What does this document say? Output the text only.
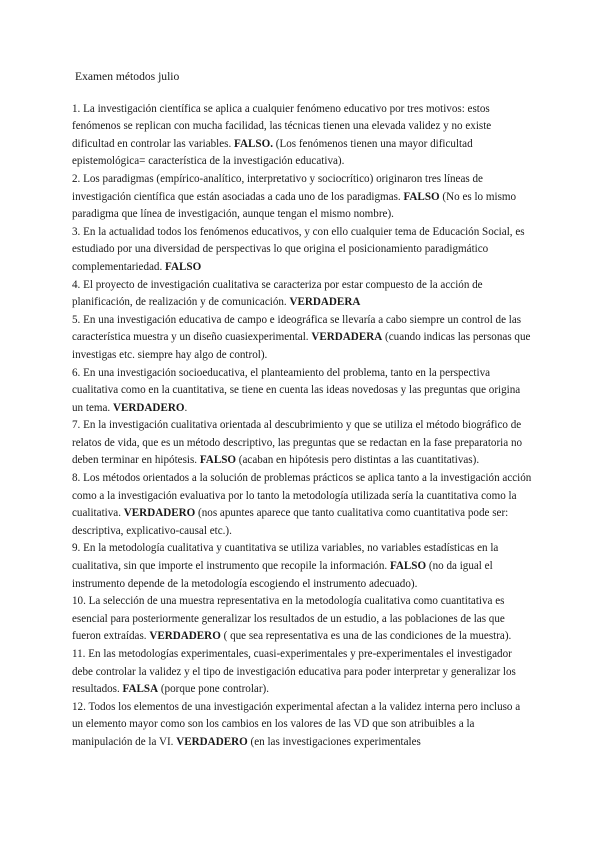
Examen métodos julio

1. La investigación científica se aplica a cualquier fenómeno educativo por tres motivos: estos fenómenos se replican con mucha facilidad, las técnicas tienen una elevada validez y no existe dificultad en controlar las variables. FALSO. (Los fenómenos tienen una mayor dificultad epistemológica= característica de la investigación educativa).

2. Los paradigmas (empírico-analítico, interpretativo y sociocrítico) originaron tres líneas de investigación científica que están asociadas a cada uno de los paradigmas. FALSO (No es lo mismo paradigma que línea de investigación, aunque tengan el mismo nombre).

3. En la actualidad todos los fenómenos educativos, y con ello cualquier tema de Educación Social, es estudiado por una diversidad de perspectivas lo que origina el posicionamiento paradigmático complementariedad. FALSO

4. El proyecto de investigación cualitativa se caracteriza por estar compuesto de la acción de planificación, de realización y de comunicación. VERDADERA

5. En una investigación educativa de campo e ideográfica se llevaría a cabo siempre un control de las característica muestra y un diseño cuasiexperimental. VERDADERA (cuando indicas las personas que investigas etc. siempre hay algo de control).

6. En una investigación socioeducativa, el planteamiento del problema, tanto en la perspectiva cualitativa como en la cuantitativa, se tiene en cuenta las ideas novedosas y las preguntas que origina un tema. VERDADERO.

7. En la investigación cualitativa orientada al descubrimiento y que se utiliza el método biográfico de relatos de vida, que es un método descriptivo, las preguntas que se redactan en la fase preparatoria no deben terminar en hipótesis. FALSO (acaban en hipótesis pero distintas a las cuantitativas).

8. Los métodos orientados a la solución de problemas prácticos se aplica tanto a la investigación acción como a la investigación evaluativa por lo tanto la metodología utilizada sería la cuantitativa como la cualitativa. VERDADERO (nos apuntes aparece que tanto cualitativa como cuantitativa pode ser: descriptiva, explicativo-causal etc.).

9. En la metodología cualitativa y cuantitativa se utiliza variables, no variables estadísticas en la cualitativa, sin que importe el instrumento que recopile la información. FALSO (no da igual el instrumento depende de la metodología escogiendo el instrumento adecuado).

10. La selección de una muestra representativa en la metodología cualitativa como cuantitativa es esencial para posteriormente generalizar los resultados de un estudio, a las poblaciones de las que fueron extraídas. VERDADERO ( que sea representativa es una de las condiciones de la muestra).

11. En las metodologías experimentales, cuasi-experimentales y pre-experimentales el investigador debe controlar la validez y el tipo de investigación educativa para poder interpretar y generalizar los resultados. FALSA (porque pone controlar).

12. Todos los elementos de una investigación experimental afectan a la validez interna pero incluso a un elemento mayor como son los cambios en los valores de las VD que son atribuibles a la manipulación de la VI. VERDADERO (en las investigaciones experimentales
